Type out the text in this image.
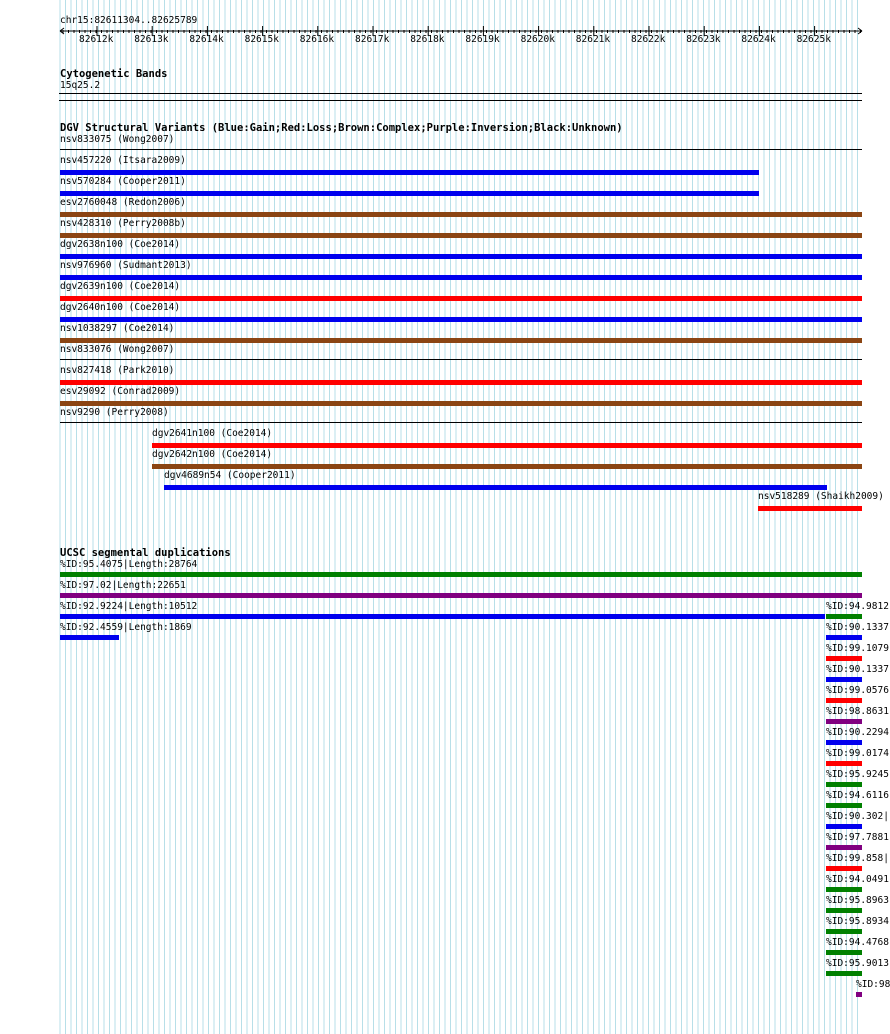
chr15:82611304..82625789
82612k 82613k 82614k 82615k 82616k 82617k 82618k 82619k 82620k 82621k 82622k 82623k 82624k 82625k
Cytogenetic Bands
15q25.2
DGV Structural Variants (Blue:Gain;Red:Loss;Brown:Complex;Purple:Inversion;Black:Unknown)
nsv833075 (Wong2007)
nsv457220 (Itsara2009)
nsv570284 (Cooper2011)
esv2760048 (Redon2006)
nsv428310 (Perry2008b)
dgv2638n100 (Coe2014)
nsv976960 (Sudmant2013)
dgv2639n100 (Coe2014)
dgv2640n100 (Coe2014)
nsv1038297 (Coe2014)
nsv833076 (Wong2007)
nsv827418 (Park2010)
esv29092 (Conrad2009)
nsv9290 (Perry2008)
dgv2641n100 (Coe2014)
dgv2642n100 (Coe2014)
dgv4689n54 (Cooper2011)
nsv518289 (Shaikh2009)
UCSC segmental duplications
%ID:95.4075|Length:28764
%ID:97.02|Length:22651
%ID:92.9224|Length:10512
%ID:92.4559|Length:1869
%ID:94.9812
%ID:90.1337
%ID:99.1079
%ID:90.1337
%ID:99.0576
%ID:98.8631
%ID:90.2294
%ID:99.0174
%ID:95.9245
%ID:94.6116
%ID:90.302|
%ID:97.7881
%ID:99.858|
%ID:94.0491
%ID:95.8963
%ID:95.8934
%ID:94.4768
%ID:95.9013
%ID:98
